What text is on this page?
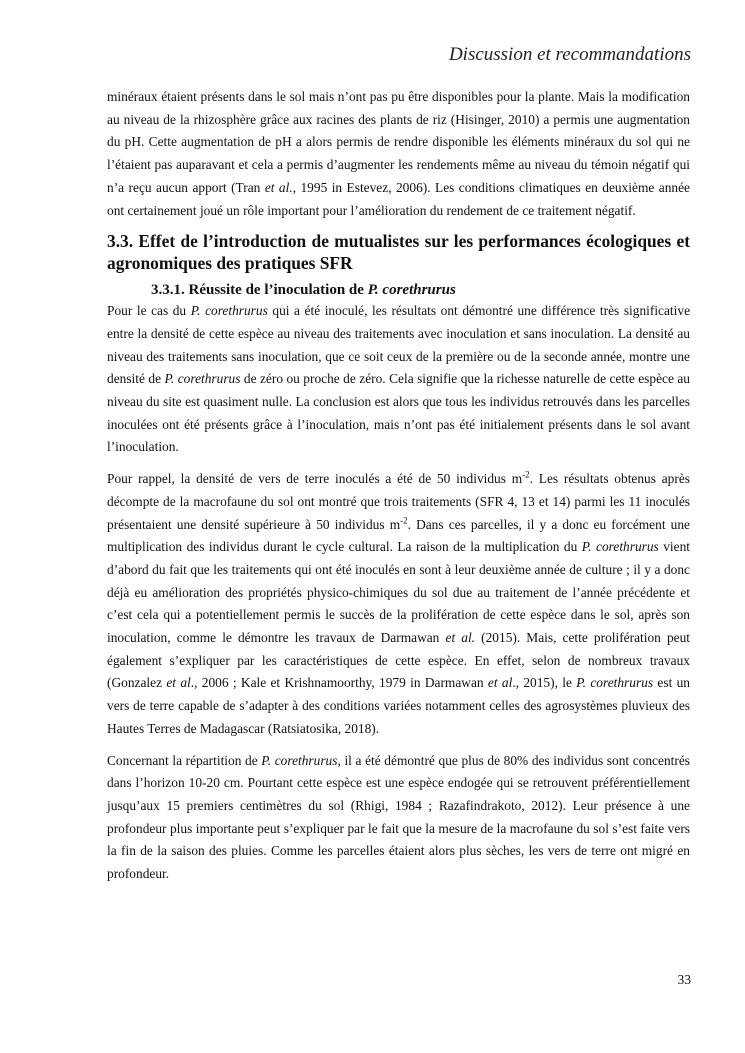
Discussion et recommandations

minéraux étaient présents dans le sol mais n’ont pas pu être disponibles pour la plante. Mais la modification au niveau de la rhizosphère grâce aux racines des plants de riz (Hisinger, 2010) a permis une augmentation du pH. Cette augmentation de pH a alors permis de rendre disponible les éléments minéraux du sol qui ne l’étaient pas auparavant et cela a permis d’augmenter les rendements même au niveau du témoin négatif qui n’a reçu aucun apport (Tran et al., 1995 in Estevez, 2006). Les conditions climatiques en deuxième année ont certainement joué un rôle important pour l’amélioration du rendement de ce traitement négatif.

3.3. Effet de l’introduction de mutualistes sur les performances écologiques et agronomiques des pratiques SFR
3.3.1. Réussite de l’inoculation de P. corethrurus

Pour le cas du P. corethrurus qui a été inoculé, les résultats ont démontré une différence très significative entre la densité de cette espèce au niveau des traitements avec inoculation et sans inoculation. La densité au niveau des traitements sans inoculation, que ce soit ceux de la première ou de la seconde année, montre une densité de P. corethrurus de zéro ou proche de zéro. Cela signifie que la richesse naturelle de cette espèce au niveau du site est quasiment nulle. La conclusion est alors que tous les individus retrouvés dans les parcelles inoculées ont été présents grâce à l’inoculation, mais n’ont pas été initialement présents dans le sol avant l’inoculation.

Pour rappel, la densité de vers de terre inoculés a été de 50 individus $m^{-2}$. Les résultats obtenus après décompte de la macrofaune du sol ont montré que trois traitements (SFR 4, 13 et 14) parmi les 11 inoculés présentaient une densité supérieure à 50 individus $m^{-2}$. Dans ces parcelles, il y a donc eu forcément une multiplication des individus durant le cycle cultural. La raison de la multiplication du P. corethrurus vient d’abord du fait que les traitements qui ont été inoculés en sont à leur deuxième année de culture ; il y a donc déjà eu amélioration des propriétés physico-chimiques du sol due au traitement de l’année précédente et c’est cela qui a potentiellement permis le succès de la prolifération de cette espèce dans le sol, après son inoculation, comme le démontre les travaux de Darmawan et al. (2015). Mais, cette prolifération peut également s’expliquer par les caractéristiques de cette espèce. En effet, selon de nombreux travaux (Gonzalez et al., 2006 ; Kale et Krishnamoorthy, 1979 in Darmawan et al., 2015), le P. corethrurus est un vers de terre capable de s’adapter à des conditions variées notamment celles des agrosystèmes pluvieux des Hautes Terres de Madagascar (Ratsiatosika, 2018).

Concernant la répartition de P. corethrurus, il a été démontré que plus de 80% des individus sont concentrés dans l’horizon 10-20 cm. Pourtant cette espèce est une espèce endogée qui se retrouvent préférentiellement jusqu’aux 15 premiers centimètres du sol (Rhigi, 1984 ; Razafindrakoto, 2012). Leur présence à une profondeur plus importante peut s’expliquer par le fait que la mesure de la macrofaune du sol s’est faite vers la fin de la saison des pluies. Comme les parcelles étaient alors plus sèches, les vers de terre ont migré en profondeur.

33
